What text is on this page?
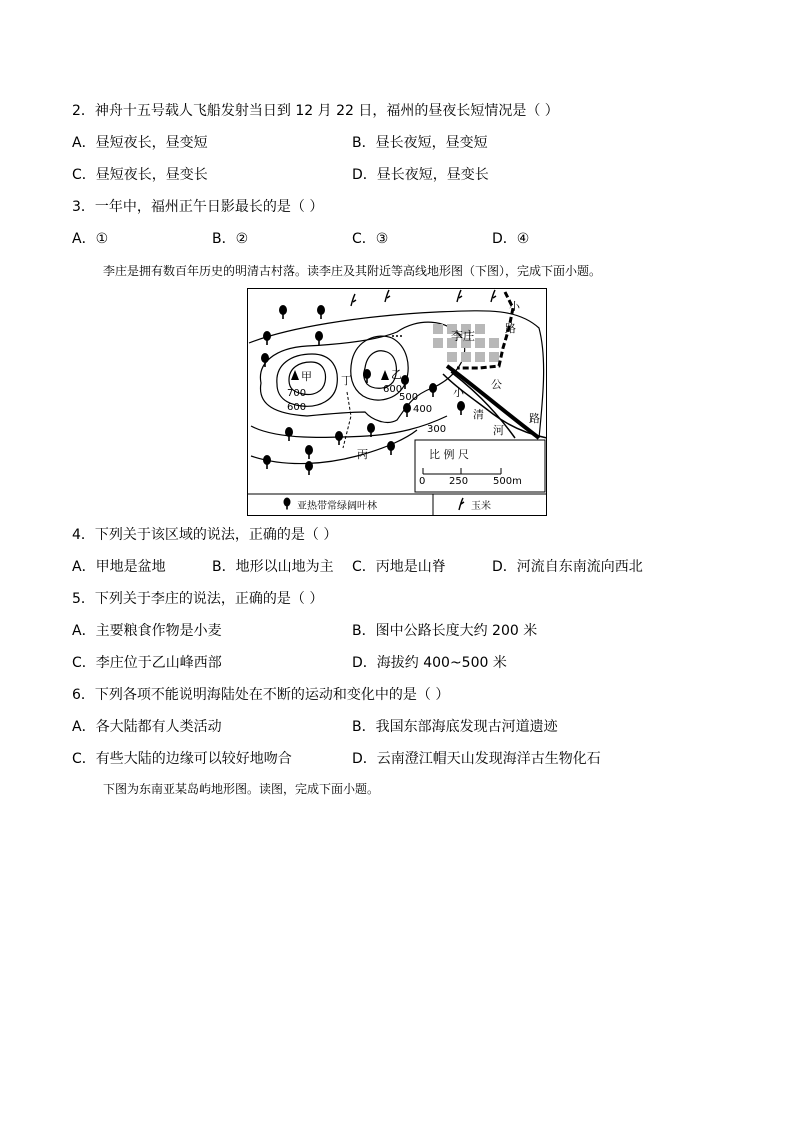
2．神舟十五号载人飞船发射当日到 12 月 22 日，福州的昼夜长短情况是（ ）
A．昼短夜长，昼变短	B．昼长夜短，昼变短
C．昼短夜长，昼变长	D．昼长夜短，昼变长
3．一年中，福州正午日影最长的是（ ）
A．①	B．②	C．③	D．④
李庄是拥有数百年历史的明清古村落。读李庄及其附近等高线地形图（下图），完成下面小题。
甲	乙
丁
丙
李庄
小
路
公
路
小
清
河
700
600
600
500
400
300
比 例 尺
0 250 500m
亚热带常绿阔叶林	玉米
4．下列关于该区域的说法，正确的是（ ）
A．甲地是盆地	B．地形以山地为主 C．丙地是山脊	D．河流自东南流向西北
5．下列关于李庄的说法，正确的是（ ）
A．主要粮食作物是小麦	B．图中公路长度大约 200 米
C．李庄位于乙山峰西部	D．海拔约 400~500 米
6．下列各项不能说明海陆处在不断的运动和变化中的是（ ）
A．各大陆都有人类活动	B．我国东部海底发现古河道遗迹
C．有些大陆的边缘可以较好地吻合	D．云南澄江帽天山发现海洋古生物化石
下图为东南亚某岛屿地形图。读图，完成下面小题。
